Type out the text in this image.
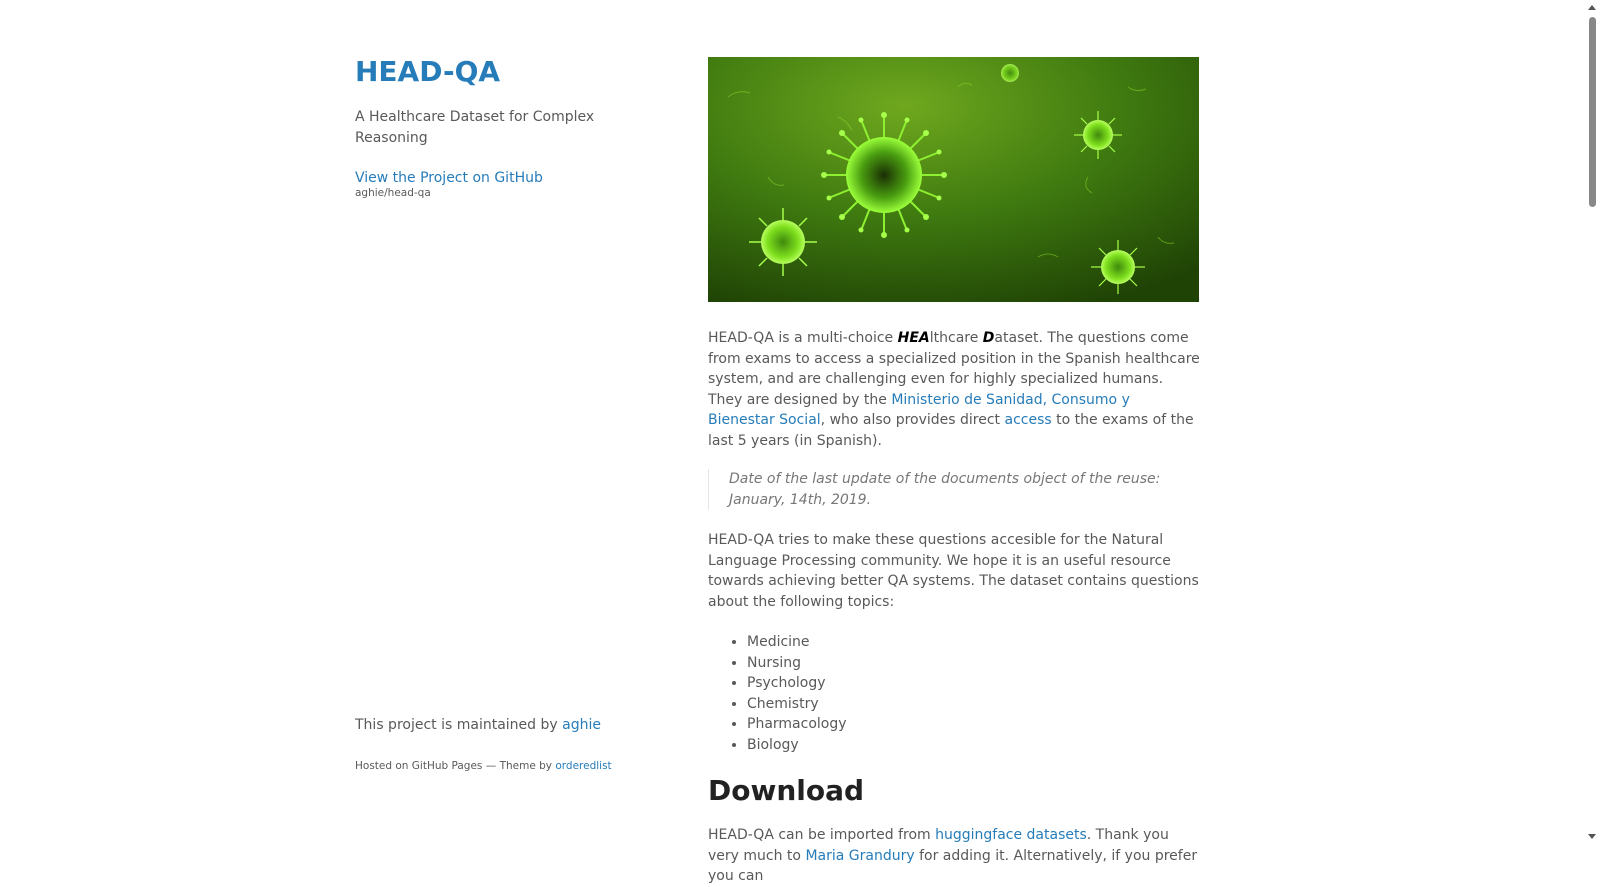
HEAD-QA

A Healthcare Dataset for Complex Reasoning

View the Project on GitHub
aghie/head-qa
This project is maintained by aghie
Hosted on GitHub Pages — Theme by orderedlist

HEAD-QA is a multi-choice HEAlthcare Dataset. The questions come from exams to access a specialized position in the Spanish healthcare system, and are challenging even for highly specialized humans. They are designed by the Ministerio de Sanidad, Consumo y Bienestar Social, who also provides direct access to the exams of the last 5 years (in Spanish).

Date of the last update of the documents object of the reuse: January, 14th, 2019.

HEAD-QA tries to make these questions accesible for the Natural Language Processing community. We hope it is an useful resource towards achieving better QA systems. The dataset contains questions about the following topics:

• Medicine
• Nursing
• Psychology
• Chemistry
• Pharmacology
• Biology
Download

HEAD-QA can be imported from huggingface datasets. Thank you very much to Maria Grandury for adding it. Alternatively, if you prefer you can
